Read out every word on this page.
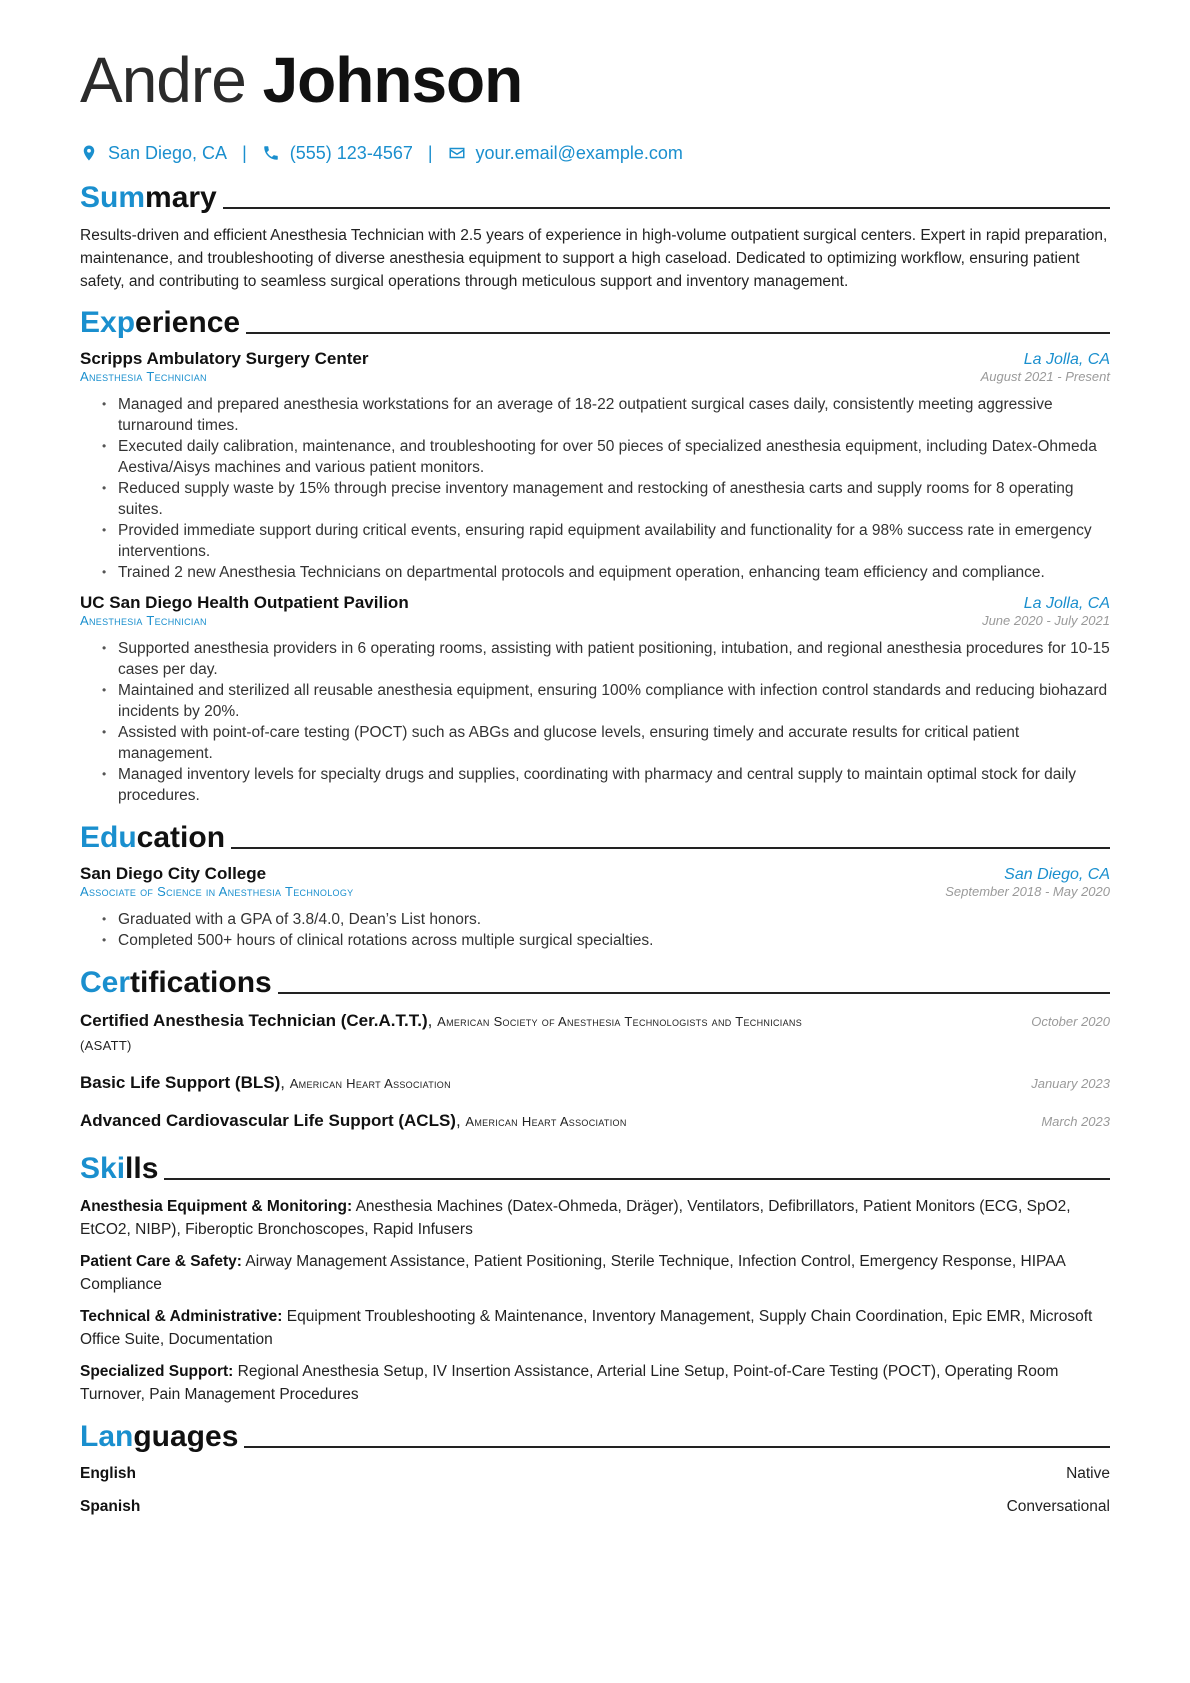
Andre Johnson
San Diego, CA | (555) 123-4567 | your.email@example.com
Summary

Results-driven and efficient Anesthesia Technician with 2.5 years of experience in high-volume outpatient surgical centers. Expert in rapid preparation, maintenance, and troubleshooting of diverse anesthesia equipment to support a high caseload. Dedicated to optimizing workflow, ensuring patient safety, and contributing to seamless surgical operations through meticulous support and inventory management.

Experience
Scripps Ambulatory Surgery Center	La Jolla, CA
Anesthesia Technician	August 2021 - Present
• Managed and prepared anesthesia workstations for an average of 18-22 outpatient surgical cases daily, consistently meeting aggressive turnaround times.
• Executed daily calibration, maintenance, and troubleshooting for over 50 pieces of specialized anesthesia equipment, including Datex-Ohmeda Aestiva/Aisys machines and various patient monitors.
• Reduced supply waste by 15% through precise inventory management and restocking of anesthesia carts and supply rooms for 8 operating suites.
• Provided immediate support during critical events, ensuring rapid equipment availability and functionality for a 98% success rate in emergency interventions.
• Trained 2 new Anesthesia Technicians on departmental protocols and equipment operation, enhancing team efficiency and compliance.
UC San Diego Health Outpatient Pavilion	La Jolla, CA
Anesthesia Technician	June 2020 - July 2021
• Supported anesthesia providers in 6 operating rooms, assisting with patient positioning, intubation, and regional anesthesia procedures for 10-15 cases per day.
• Maintained and sterilized all reusable anesthesia equipment, ensuring 100% compliance with infection control standards and reducing biohazard incidents by 20%.
• Assisted with point-of-care testing (POCT) such as ABGs and glucose levels, ensuring timely and accurate results for critical patient management.
• Managed inventory levels for specialty drugs and supplies, coordinating with pharmacy and central supply to maintain optimal stock for daily procedures.
Education
San Diego City College	San Diego, CA
Associate of Science in Anesthesia Technology	September 2018 - May 2020
• Graduated with a GPA of 3.8/4.0, Dean’s List honors.
• Completed 500+ hours of clinical rotations across multiple surgical specialties.
Certifications
Certified Anesthesia Technician (Cer.A.T.T.), American Society of Anesthesia Technologists and Technicians (ASATT)
October 2020
Basic Life Support (BLS), American Heart Association	January 2023
Advanced Cardiovascular Life Support (ACLS), American Heart Association	March 2023
Skills
Anesthesia Equipment & Monitoring: Anesthesia Machines (Datex-Ohmeda, Dräger), Ventilators, Defibrillators, Patient Monitors (ECG, SpO2, EtCO2, NIBP), Fiberoptic Bronchoscopes, Rapid Infusers
Patient Care & Safety: Airway Management Assistance, Patient Positioning, Sterile Technique, Infection Control, Emergency Response, HIPAA Compliance
Technical & Administrative: Equipment Troubleshooting & Maintenance, Inventory Management, Supply Chain Coordination, Epic EMR, Microsoft Office Suite, Documentation
Specialized Support: Regional Anesthesia Setup, IV Insertion Assistance, Arterial Line Setup, Point-of-Care Testing (POCT), Operating Room Turnover, Pain Management Procedures
Languages
English	Native
Spanish	Conversational
